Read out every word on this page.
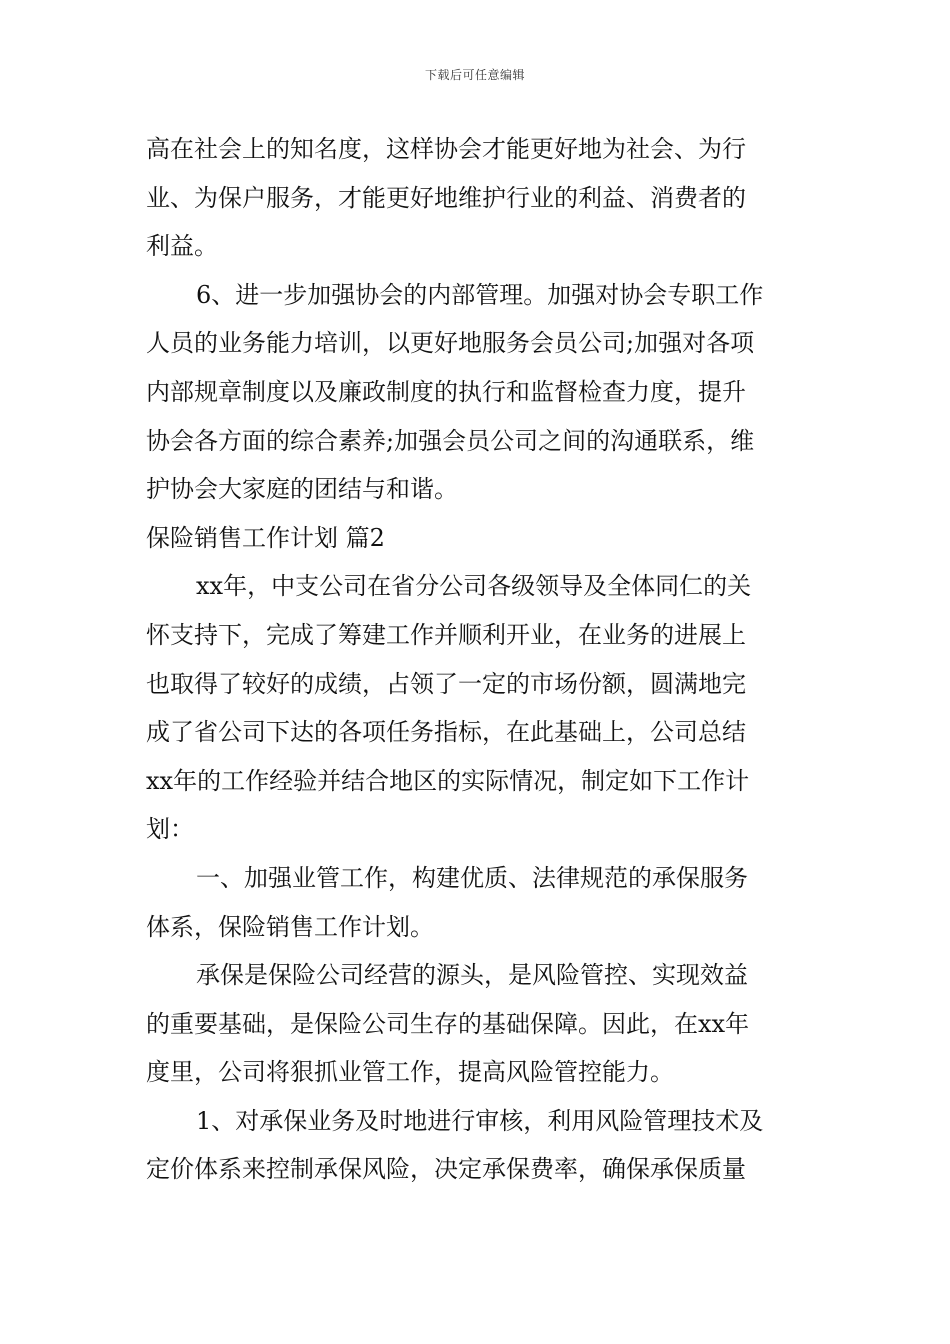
下载后可任意编辑
高在社会上的知名度，这样协会才能更好地为社会、为行
业、为保户服务，才能更好地维护行业的利益、消费者的
利益。
6、进一步加强协会的内部管理。加强对协会专职工作
人员的业务能力培训，以更好地服务会员公司;加强对各项
内部规章制度以及廉政制度的执行和监督检查力度，提升
协会各方面的综合素养;加强会员公司之间的沟通联系，维
护协会大家庭的团结与和谐。
保险销售工作计划 篇2
xx年，中支公司在省分公司各级领导及全体同仁的关
怀支持下，完成了筹建工作并顺利开业，在业务的进展上
也取得了较好的成绩，占领了一定的市场份额，圆满地完
成了省公司下达的各项任务指标，在此基础上，公司总结
xx年的工作经验并结合地区的实际情况，制定如下工作计
划：
一、加强业管工作，构建优质、法律规范的承保服务
体系，保险销售工作计划。
承保是保险公司经营的源头，是风险管控、实现效益
的重要基础，是保险公司生存的基础保障。因此，在xx年
度里，公司将狠抓业管工作，提高风险管控能力。
1、对承保业务及时地进行审核，利用风险管理技术及
定价体系来控制承保风险，决定承保费率，确保承保质量
